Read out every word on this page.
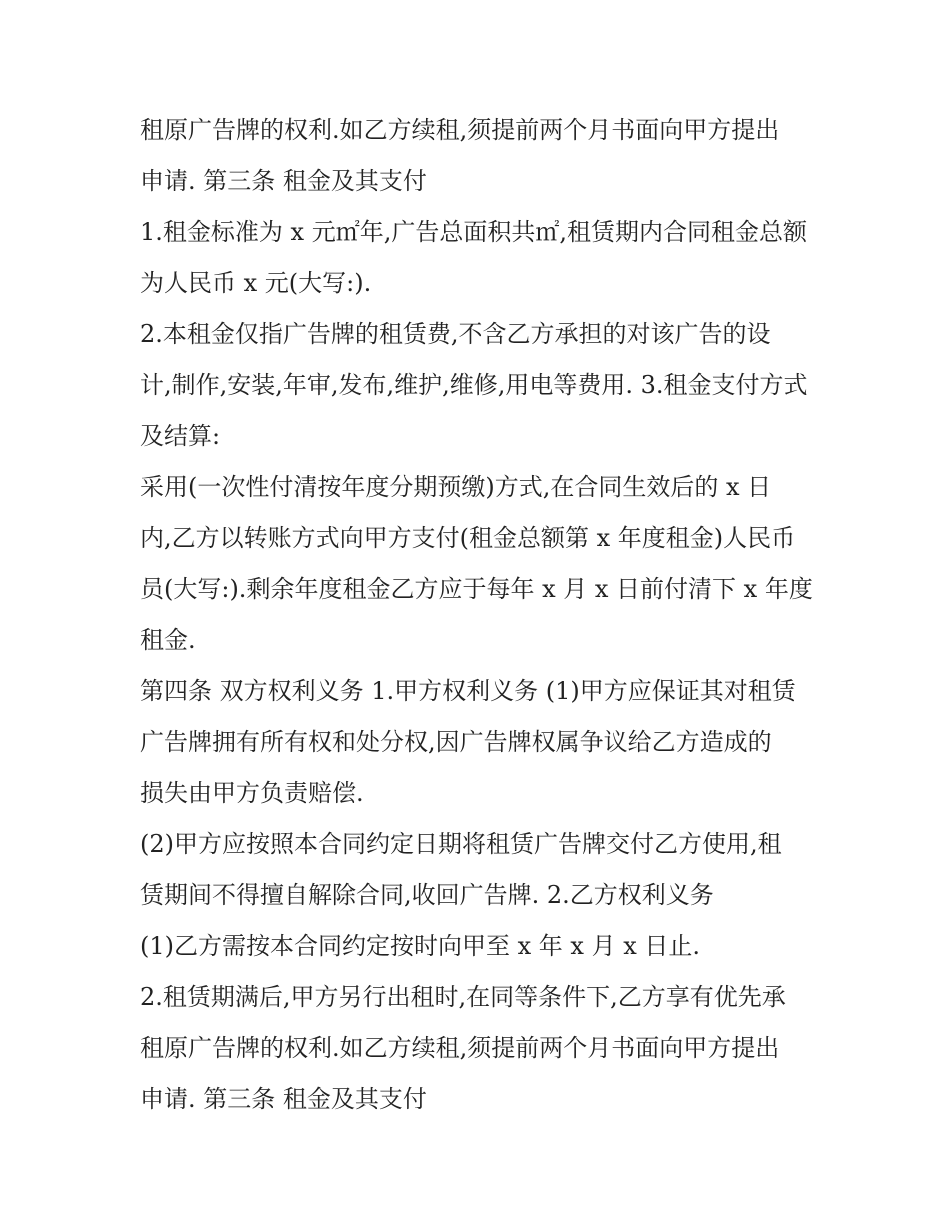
租原广告牌的权利.如乙方续租,须提前两个月书面向甲方提出
申请. 第三条 租金及其支付
1.租金标准为 x 元㎡年,广告总面积共㎡,租赁期内合同租金总额
为人民币 x 元(大写:).
2.本租金仅指广告牌的租赁费,不含乙方承担的对该广告的设
计,制作,安装,年审,发布,维护,维修,用电等费用. 3.租金支付方式
及结算:
采用(一次性付清按年度分期预缴)方式,在合同生效后的 x 日
内,乙方以转账方式向甲方支付(租金总额第 x 年度租金)人民币
员(大写:).剩余年度租金乙方应于每年 x 月 x 日前付清下 x 年度
租金.
第四条 双方权利义务 1.甲方权利义务 (1)甲方应保证其对租赁
广告牌拥有所有权和处分权,因广告牌权属争议给乙方造成的
损失由甲方负责赔偿.
(2)甲方应按照本合同约定日期将租赁广告牌交付乙方使用,租
赁期间不得擅自解除合同,收回广告牌. 2.乙方权利义务
(1)乙方需按本合同约定按时向甲至 x 年 x 月 x 日止.
2.租赁期满后,甲方另行出租时,在同等条件下,乙方享有优先承
租原广告牌的权利.如乙方续租,须提前两个月书面向甲方提出
申请. 第三条 租金及其支付
